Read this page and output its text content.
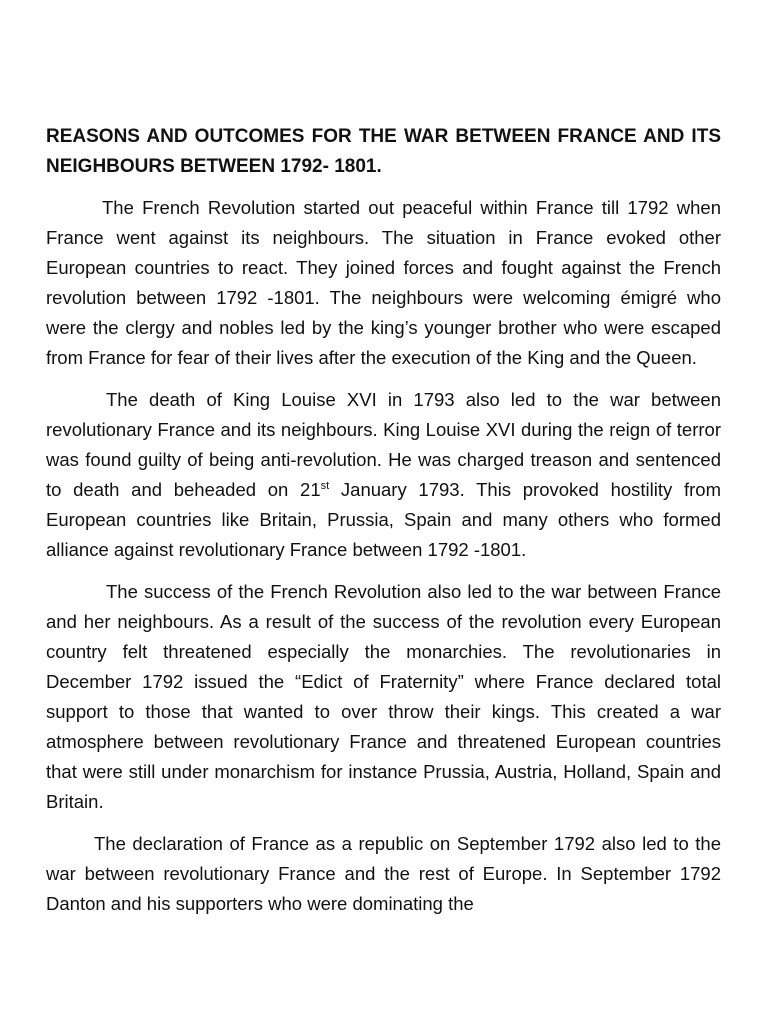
REASONS AND OUTCOMES FOR THE WAR BETWEEN FRANCE AND ITS NEIGHBOURS BETWEEN 1792- 1801.

The French Revolution started out peaceful within France till 1792 when France went against its neighbours. The situation in France evoked other European countries to react. They joined forces and fought against the French revolution between 1792 -1801. The neighbours were welcoming émigré who were the clergy and nobles led by the king’s younger brother who were escaped from France for fear of their lives after the execution of the King and the Queen.

The death of King Louise XVI in 1793 also led to the war between revolutionary France and its neighbours. King Louise XVI during the reign of terror was found guilty of being anti-revolution. He was charged treason and sentenced to death and beheaded on 21st January 1793. This provoked hostility from European countries like Britain, Prussia, Spain and many others who formed alliance against revolutionary France between 1792 -1801.

The success of the French Revolution also led to the war between France and her neighbours. As a result of the success of the revolution every European country felt threatened especially the monarchies. The revolutionaries in December 1792 issued the “Edict of Fraternity” where France declared total support to those that wanted to over throw their kings. This created a war atmosphere between revolutionary France and threatened European countries that were still under monarchism for instance Prussia, Austria, Holland, Spain and Britain.

The declaration of France as a republic on September 1792 also led to the war between revolutionary France and the rest of Europe. In September 1792 Danton and his supporters who were dominating the
